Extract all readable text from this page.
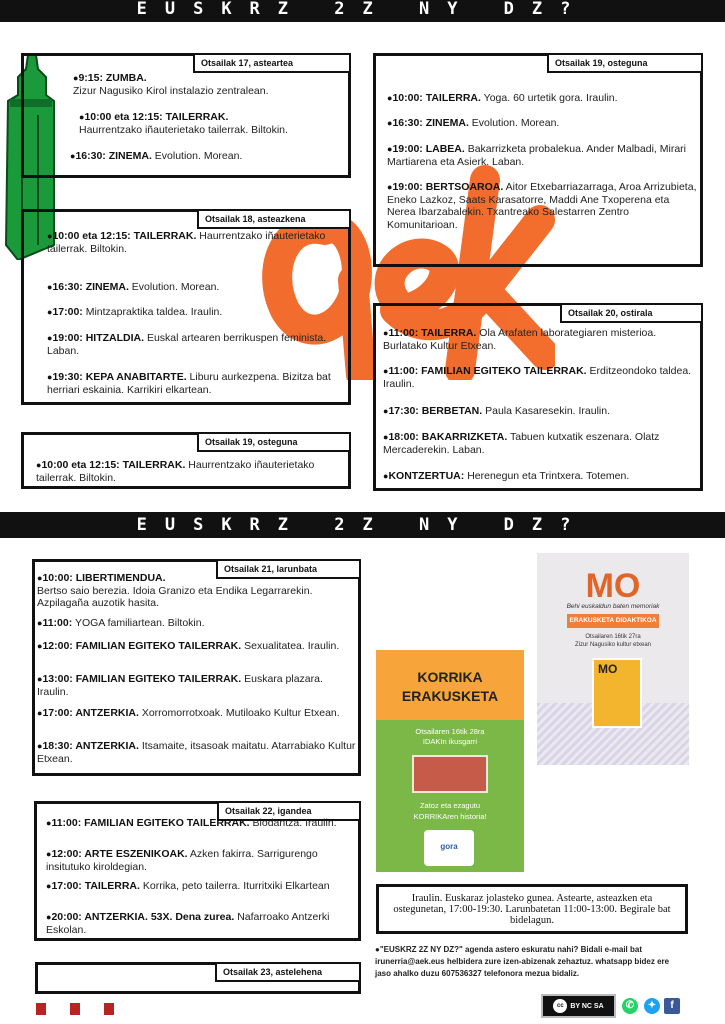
EUSKRZ 2Z NY DZ?
EUSKRZ 2Z NY DZ?
Otsailak 17, asteartea
● 9:15: ZUMBA.
Zizur Nagusiko Kirol instalazio zentralean.
● 10:00 eta 12:15: TAILERRAK.
Haurrentzako iñauterietako tailerrak. Biltokin.
● 16:30: ZINEMA. Evolution. Morean.
Otsailak 18, asteazkena
● 10:00 eta 12:15: TAILERRAK. Haurrentzako iñauterietako tailerrak. Biltokin.
● 16:30: ZINEMA. Evolution. Morean.
● 17:00: Mintzapraktika taldea. Iraulin.
● 19:00: HITZALDIA. Euskal artearen berrikuspen feminista. Laban.
● 19:30: KEPA ANABITARTE. Liburu aurkezpena. Bizitza bat herriari eskainia. Karrikiri elkartean.
Otsailak 19, osteguna
● 10:00 eta 12:15: TAILERRAK. Haurrentzako iñauterietako tailerrak. Biltokin.
Otsailak 19, osteguna
● 10:00: TAILERRA. Yoga. 60 urtetik gora. Iraulin.
● 16:30: ZINEMA. Evolution. Morean.
● 19:00: LABEA. Bakarrizketa probalekua. Ander Malbadi, Mirari Martiarena eta Asierk. Laban.
● 19:00: BERTSOAROA. Aitor Etxebarriazarraga, Aroa Arrizubieta, Eneko Lazkoz, Saats Karasatorre, Maddi Ane Txoperena eta Nerea Ibarzabalekin. Txantreako Salestarren Zentro Komunitarioan.
Otsailak 20, ostirala
● 11:00: TAILERRA. Ola Arafaten laborategiaren misterioa. Burlatako Kultur Etxean.
● 11:00: FAMILIAN EGITEKO TAILERRAK. Erditzeondoko taldea. Iraulin.
● 17:30: BERBETAN. Paula Kasaresekin. Iraulin.
● 18:00: BAKARRIZKETA. Tabuen kutxatik eszenara. Olatz Mercaderekin. Laban.
● KONTZERTUA: Herenegun eta Trintxera. Totemen.
Otsailak 21, larunbata
● 10:00: LIBERTIMENDUA.
Bertso saio berezia. Idoia Granizo eta Endika Legarrarekin. Azpilagaña auzotik hasita.
● 11:00: YOGA familiartean. Biltokin.
● 12:00: FAMILIAN EGITEKO TAILERRAK. Sexualitatea. Iraulin.
● 13:00: FAMILIAN EGITEKO TAILERRAK. Euskara plazara. Iraulin.
● 17:00: ANTZERKIA. Xorromorrotxoak. Mutiloako Kultur Etxean.
● 18:30: ANTZERKIA. Itsamaite, itsasoak maitatu. Atarrabiako Kultur Etxean.
Otsailak 22, igandea
● 11:00: FAMILIAN EGITEKO TAILERRAK. Biodantza. Iraulin.
● 12:00: ARTE ESZENIKOAK. Azken fakirra. Sarrigurengo insitutuko kiroldegian.
● 17:00: TAILERRA. Korrika, peto tailerra. Iturritxiki Elkartean
● 20:00: ANTZERKIA. 53X. Dena zurea. Nafarroako Antzerki Eskolan.
Otsailak 23, astelehena
KORRIKA
ERAKUSKETA
Otsailaren 16tik 28ra
IDAKIn ikusgarri
Zatoz eta ezagutu
KORRIKAren historia!
gora
MO
Behi euskaldun baten memoriak
ERAKUSKETA DIDAKTIKOA
Otsailaren 16tik 27ra
Zizur Nagusiko kultur etxean
MO
Iraulin. Euskaraz jolasteko gunea. Astearte, asteazken eta ostegunetan, 17:00-19:30. Larunbatetan 11:00-13:00. Begirale bat bidelagun.
●"EUSKRZ 2Z NY DZ?" agenda astero eskuratu nahi? Bidali e-mail bat irunerria@aek.eus helbidera zure izen-abizenak zehaztuz. whatsapp bidez ere jaso ahalko duzu 607536327 telefonora mezua bidaliz.
cc BY NC SA	✆	✦	f
